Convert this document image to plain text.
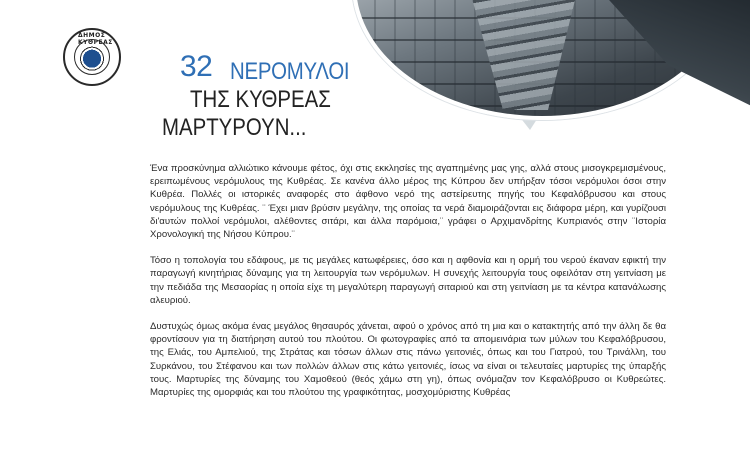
ΔΗΜΟΣ ΚΥΘΡΕΑΣ
32 ΝΕΡΟΜΥΛΟΙ
ΤΗΣ ΚΥΘΡΕΑΣ
ΜΑΡΤΥΡΟΥΝ...

Ένα προσκύνημα αλλιώτικο κάνουμε φέτος, όχι στις εκκλησίες της αγαπημένης μας γης, αλλά στους μισογκρεμισμένους, ερειπωμένους νερόμυλους της Κυθρέας. Σε κανένα άλλο μέρος της Κύπρου δεν υπήρξαν τόσοι νερόμυλοι όσοι στην Κυθρέα. Πολλές οι ιστορικές αναφορές στο άφθονο νερό της αστείρευτης πηγής του Κεφαλόβρυσου και στους νερόμυλους της Κυθρέας. ¨ Έχει μιαν βρύσιν μεγάλην, της οποίας τα νερά διαμοιράζονται εις διάφορα μέρη, και γυρίζουσι δι'αυτών πολλοί νερόμυλοι, αλέθοντες σιτάρι, και άλλα παρόμοια,¨ γράφει ο Αρχιμανδρίτης Κυπριανός στην ¨Ιστορία Χρονολογική της Νήσου Κύπρου.¨

Τόσο η τοπολογία του εδάφους, με τις μεγάλες κατωφέρειες, όσο και η αφθονία και η ορμή του νερού έκαναν εφικτή την παραγωγή κινητήριας δύναμης για τη λειτουργία των νερόμυλων. Η συνεχής λειτουργία τους οφειλόταν στη γειτνίαση με την πεδιάδα της Μεσαορίας η οποία είχε τη μεγαλύτερη παραγωγή σιταριού και στη γειτνίαση με τα κέντρα κατανάλωσης αλευριού.

Δυστυχώς όμως ακόμα ένας μεγάλος θησαυρός χάνεται, αφού ο χρόνος από τη μια και ο κατακτητής από την άλλη δε θα φροντίσουν για τη διατήρηση αυτού του πλούτου. Οι φωτογραφίες από τα απομεινάρια των μύλων του Κεφαλόβρυσου, της Ελιάς, του Αμπελιού, της Στράτας και τόσων άλλων στις πάνω γειτονιές, όπως και του Γιατρού, του Τρινάλλη, του Συρκάνου, του Στέφανου και των πολλών άλλων στις κάτω γειτονιές, ίσως να είναι οι τελευταίες μαρτυρίες της ύπαρξής τους. Μαρτυρίες της δύναμης του Χαμοθεού (θεός χάμω στη γη), όπως ονόμαζαν τον Κεφαλόβρυσο οι Κυθρεώτες. Μαρτυρίες της ομορφιάς και του πλούτου της γραφικότητας, μοσχομύριστης Κυθρέας
